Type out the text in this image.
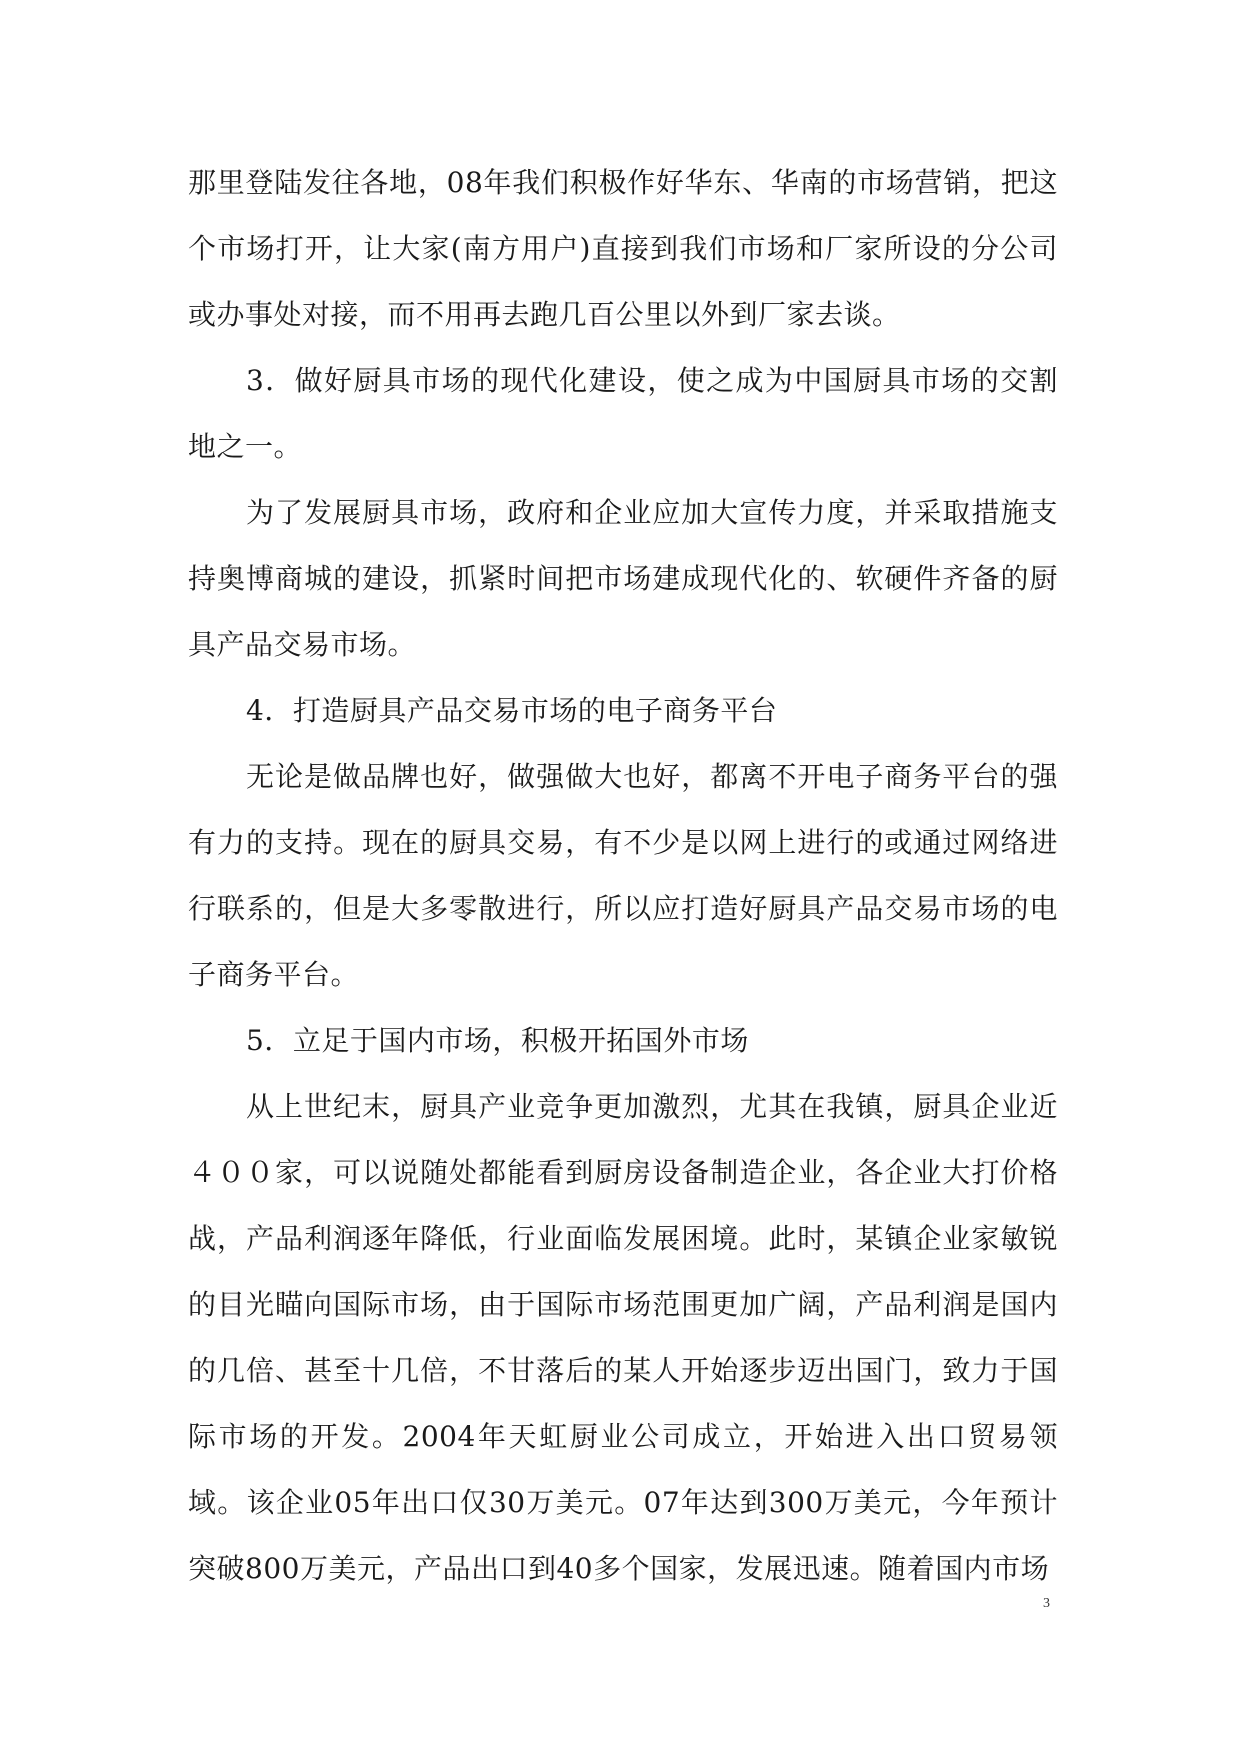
那里登陆发往各地，08年我们积极作好华东、华南的市场营销，把这个市场打开，让大家(南方用户)直接到我们市场和厂家所设的分公司或办事处对接，而不用再去跑几百公里以外到厂家去谈。

3．做好厨具市场的现代化建设，使之成为中国厨具市场的交割地之一。

为了发展厨具市场，政府和企业应加大宣传力度，并采取措施支持奥博商城的建设，抓紧时间把市场建成现代化的、软硬件齐备的厨具产品交易市场。

4．打造厨具产品交易市场的电子商务平台

无论是做品牌也好，做强做大也好，都离不开电子商务平台的强有力的支持。现在的厨具交易，有不少是以网上进行的或通过网络进行联系的，但是大多零散进行，所以应打造好厨具产品交易市场的电子商务平台。

5．立足于国内市场，积极开拓国外市场

从上世纪末，厨具产业竞争更加激烈，尤其在我镇，厨具企业近４００家，可以说随处都能看到厨房设备制造企业，各企业大打价格战，产品利润逐年降低，行业面临发展困境。此时，某镇企业家敏锐的目光瞄向国际市场，由于国际市场范围更加广阔，产品利润是国内的几倍、甚至十几倍，不甘落后的某人开始逐步迈出国门，致力于国际市场的开发。2004年天虹厨业公司成立，开始进入出口贸易领域。该企业05年出口仅30万美元。07年达到300万美元，今年预计突破800万美元，产品出口到40多个国家，发展迅速。随着国内市场

3
